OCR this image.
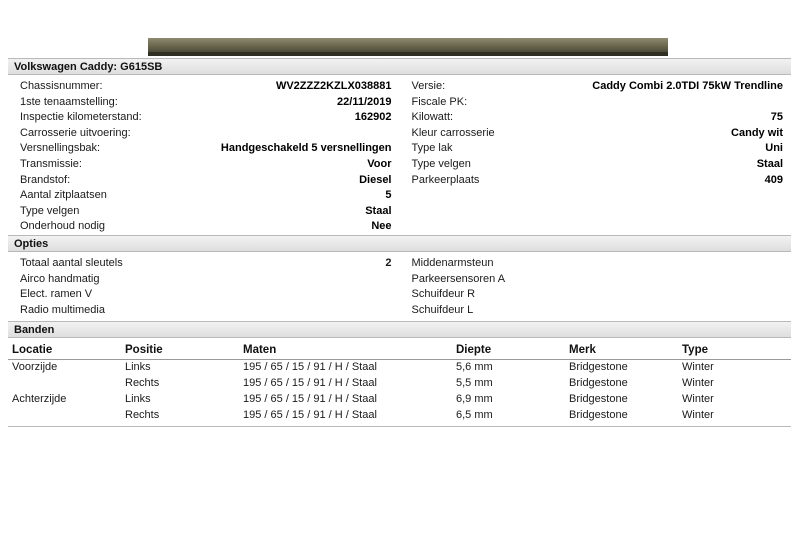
Volkswagen Caddy: G615SB
Chassisnummer:	WV2ZZZ2KZLX038881
1ste tenaamstelling:	22/11/2019
Inspectie kilometerstand:	162902
Carrosserie uitvoering:
Versnellingsbak:	Handgeschakeld 5 versnellingen
Transmissie:	Voor
Brandstof:	Diesel
Aantal zitplaatsen	5
Type velgen	Staal
Onderhoud nodig	Nee
Versie:	Caddy Combi 2.0TDI 75kW Trendline
Fiscale PK:
Kilowatt:	75
Kleur carrosserie	Candy wit
Type lak	Uni
Type velgen	Staal
Parkeerplaats	409
Opties
Totaal aantal sleutels	2
Airco handmatig
Elect. ramen V
Radio multimedia
Middenarmsteun
Parkeersensoren A
Schuifdeur R
Schuifdeur L
Banden
Locatie	Positie	Maten	Diepte	Merk	Type
Voorzijde	Links	195 / 65 / 15 / 91 / H / Staal	5,6 mm	Bridgestone	Winter
	Rechts	195 / 65 / 15 / 91 / H / Staal	5,5 mm	Bridgestone	Winter
Achterzijde	Links	195 / 65 / 15 / 91 / H / Staal	6,9 mm	Bridgestone	Winter
	Rechts	195 / 65 / 15 / 91 / H / Staal	6,5 mm	Bridgestone	Winter
